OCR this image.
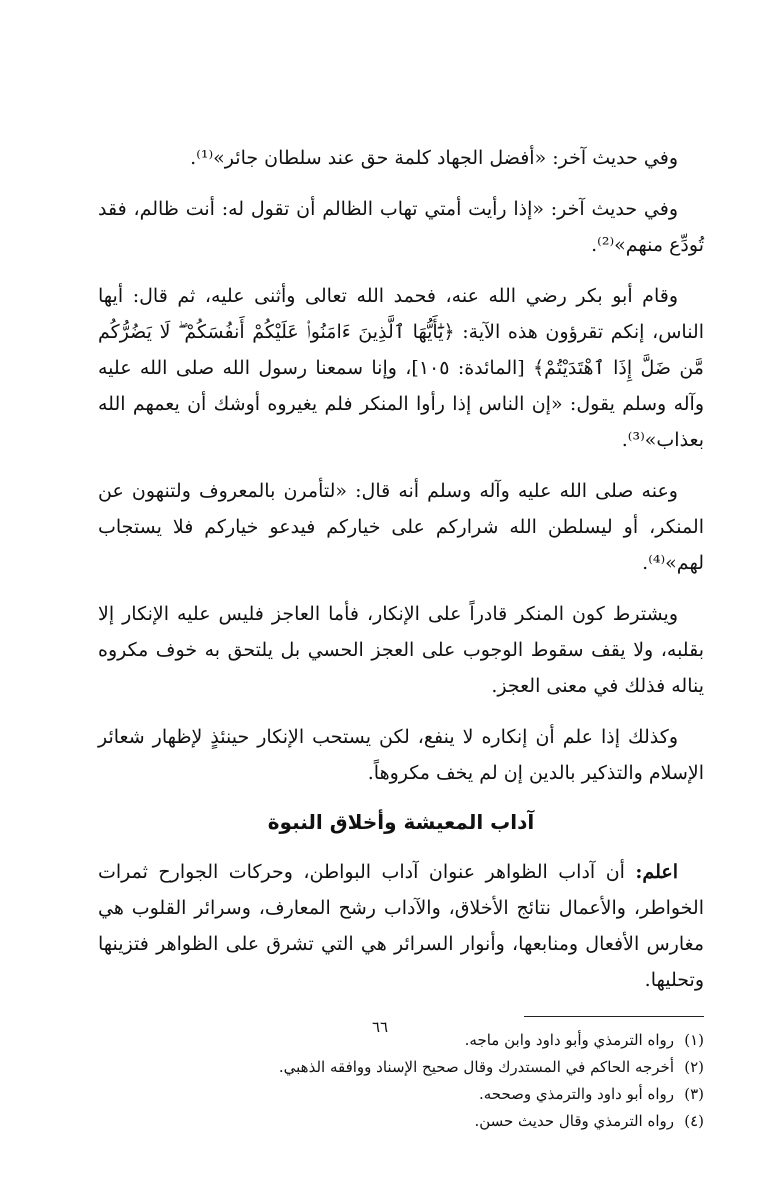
وفي حديث آخر: «أفضل الجهاد كلمة حق عند سلطان جائر»⁽¹⁾.

وفي حديث آخر: «إذا رأيت أمتي تهاب الظالم أن تقول له: أنت ظالم، فقد تُودِّع منهم»⁽²⁾.

وقام أبو بكر رضي الله عنه، فحمد الله تعالى وأثنى عليه، ثم قال: أيها الناس، إنكم تقرؤون هذه الآية: ﴿يَٰٓأَيُّهَا ٱلَّذِينَ ءَامَنُوا۟ عَلَيْكُمْ أَنفُسَكُمْ ۖ لَا يَضُرُّكُم مَّن ضَلَّ إِذَا ٱهْتَدَيْتُمْ﴾ [المائدة: ١٠٥]، وإنا سمعنا رسول الله صلى الله عليه وآله وسلم يقول: «إن الناس إذا رأوا المنكر فلم يغيروه أوشك أن يعمهم الله بعذاب»⁽³⁾.

وعنه صلى الله عليه وآله وسلم أنه قال: «لتأمرن بالمعروف ولتنهون عن المنكر، أو ليسلطن الله شراركم على خياركم فيدعو خياركم فلا يستجاب لهم»⁽⁴⁾.

ويشترط كون المنكر قادراً على الإنكار، فأما العاجز فليس عليه الإنكار إلا بقلبه، ولا يقف سقوط الوجوب على العجز الحسي بل يلتحق به خوف مكروه يناله فذلك في معنى العجز.

وكذلك إذا علم أن إنكاره لا ينفع، لكن يستحب الإنكار حينئذٍ لإظهار شعائر الإسلام والتذكير بالدين إن لم يخف مكروهاً.

آداب المعيشة وأخلاق النبوة

اعلم: أن آداب الظواهر عنوان آداب البواطن، وحركات الجوارح ثمرات الخواطر، والأعمال نتائج الأخلاق، والآداب رشح المعارف، وسرائر القلوب هي مغارس الأفعال ومنابعها، وأنوار السرائر هي التي تشرق على الظواهر فتزينها وتحليها.

(١)رواه الترمذي وأبو داود وابن ماجه.
(٢)أخرجه الحاكم في المستدرك وقال صحيح الإسناد ووافقه الذهبي.
(٣)رواه أبو داود والترمذي وصححه.
(٤)رواه الترمذي وقال حديث حسن.
٦٦
